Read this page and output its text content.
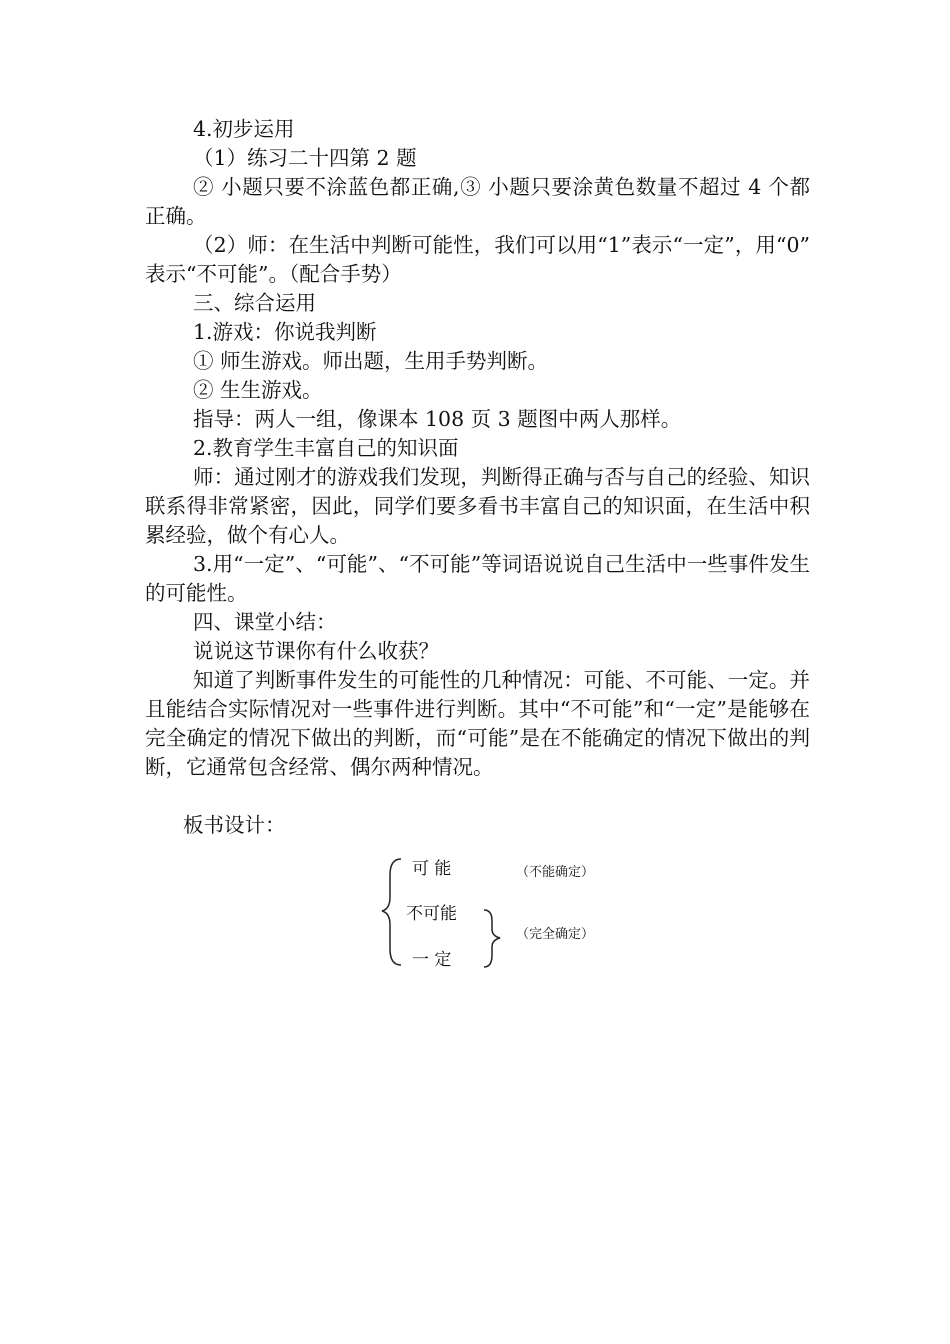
4.初步运用

（1）练习二十四第 2 题

② 小题只要不涂蓝色都正确,③ 小题只要涂黄色数量不超过 4 个都正确。

（2）师：在生活中判断可能性，我们可以用“1”表示“一定”，用“0” 表示“不可能”。（配合手势）

三、综合运用

1.游戏：你说我判断

① 师生游戏。师出题，生用手势判断。

② 生生游戏。

指导：两人一组，像课本 108 页 3 题图中两人那样。

2.教育学生丰富自己的知识面

师：通过刚才的游戏我们发现，判断得正确与否与自己的经验、知识联系得非常紧密，因此，同学们要多看书丰富自己的知识面，在生活中积累经验，做个有心人。

3.用“一定”、“可能”、“不可能”等词语说说自己生活中一些事件发生的可能性。

四、课堂小结：

说说这节课你有什么收获？

知道了判断事件发生的可能性的几种情况：可能、不可能、一定。并且能结合实际情况对一些事件进行判断。其中“不可能”和“一定”是能够在完全确定的情况下做出的判断，而“可能”是在不能确定的情况下做出的判断，它通常包含经常、偶尔两种情况。

板书设计：

可 能
不可能
一 定
（不能确定）
（完全确定）
